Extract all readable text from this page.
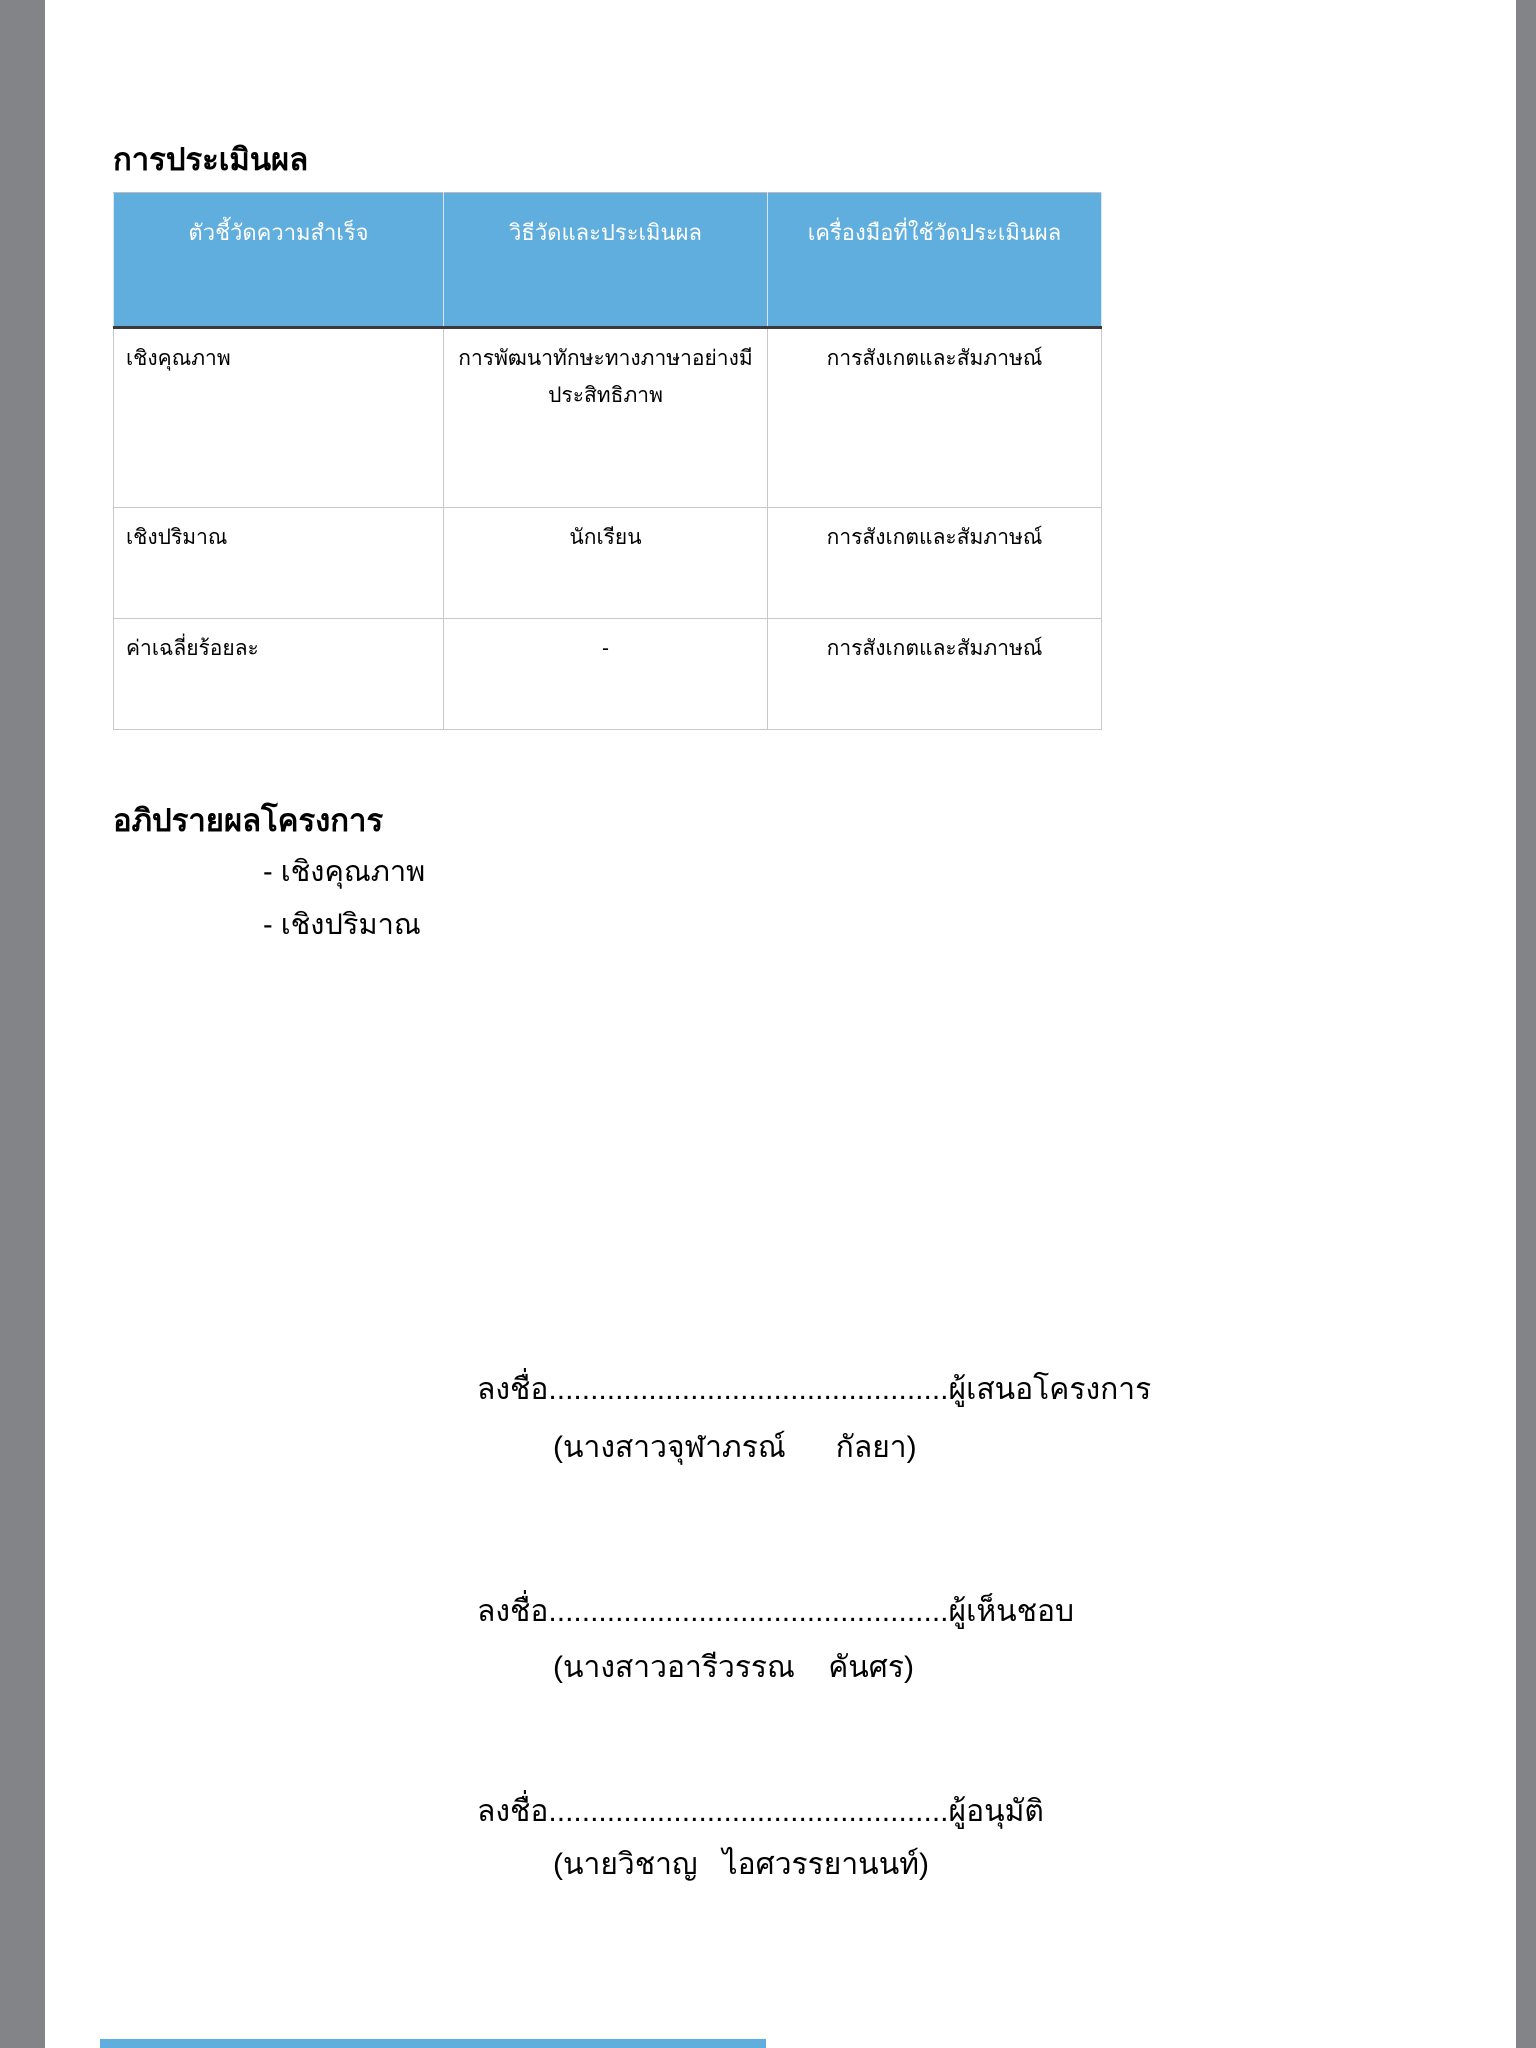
การประเมินผล
ตัวชี้วัดความสำเร็จ	วิธีวัดและประเมินผล	เครื่องมือที่ใช้วัดประเมินผล
เชิงคุณภาพ	การพัฒนาทักษะทางภาษาอย่างมี​ประสิทธิภาพ	การสังเกตและสัมภาษณ์
เชิงปริมาณ	นักเรียน	การสังเกตและสัมภาษณ์
ค่าเฉลี่ยร้อยละ	-	การสังเกตและสัมภาษณ์
อภิปรายผลโครงการ
- เชิงคุณภาพ
- เชิงปริมาณ
ลงชื่อ................................................ผู้เสนอโครงการ
(นางสาวจุฬาภรณ์      กัลยา)
ลงชื่อ................................................ผู้เห็นชอบ
(นางสาวอารีวรรณ    คันศร)
ลงชื่อ................................................ผู้อนุมัติ
(นายวิชาญ   ไอศวรรยานนท์)
